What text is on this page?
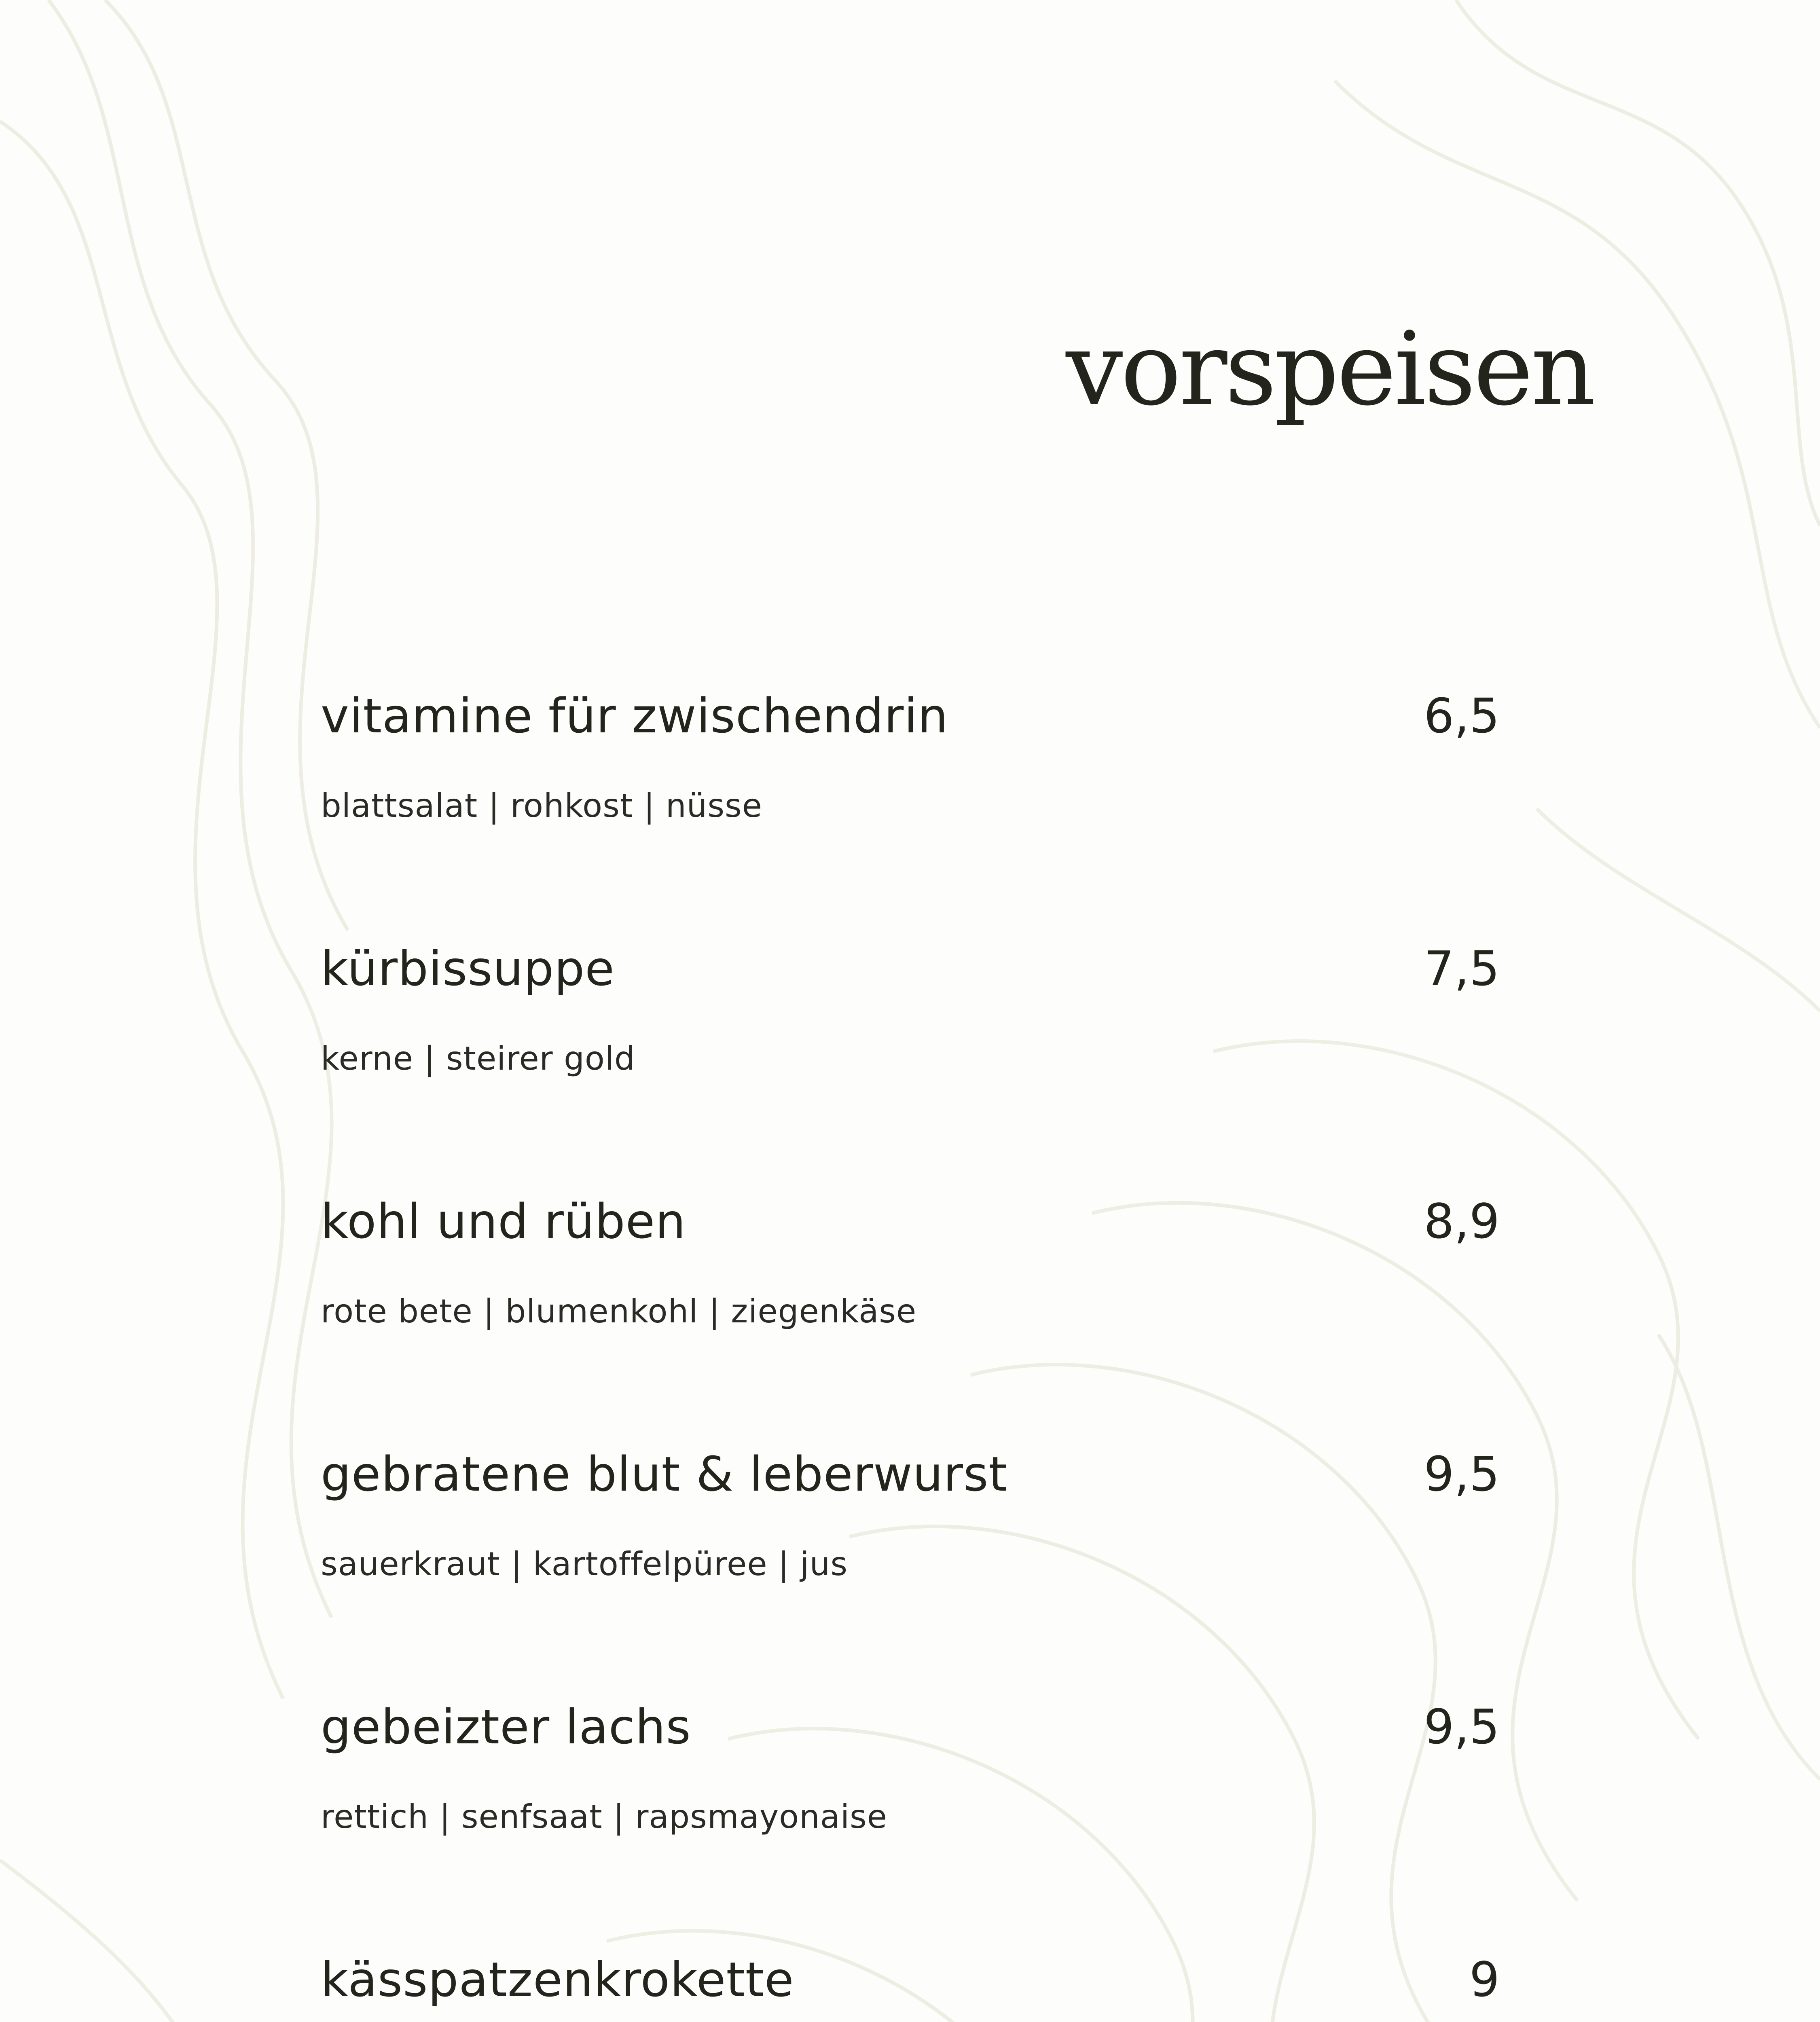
vorspeisen
vitamine für zwischendrin	6,5
blattsalat | rohkost | nüsse
kürbissuppe	7,5
kerne | steirer gold
kohl und rüben	8,9
rote bete | blumenkohl | ziegenkäse
gebratene blut & leberwurst	9,5
sauerkraut | kartoffelpüree | jus
gebeizter lachs	9,5
rettich | senfsaat | rapsmayonaise
kässpatzenkrokette	9
